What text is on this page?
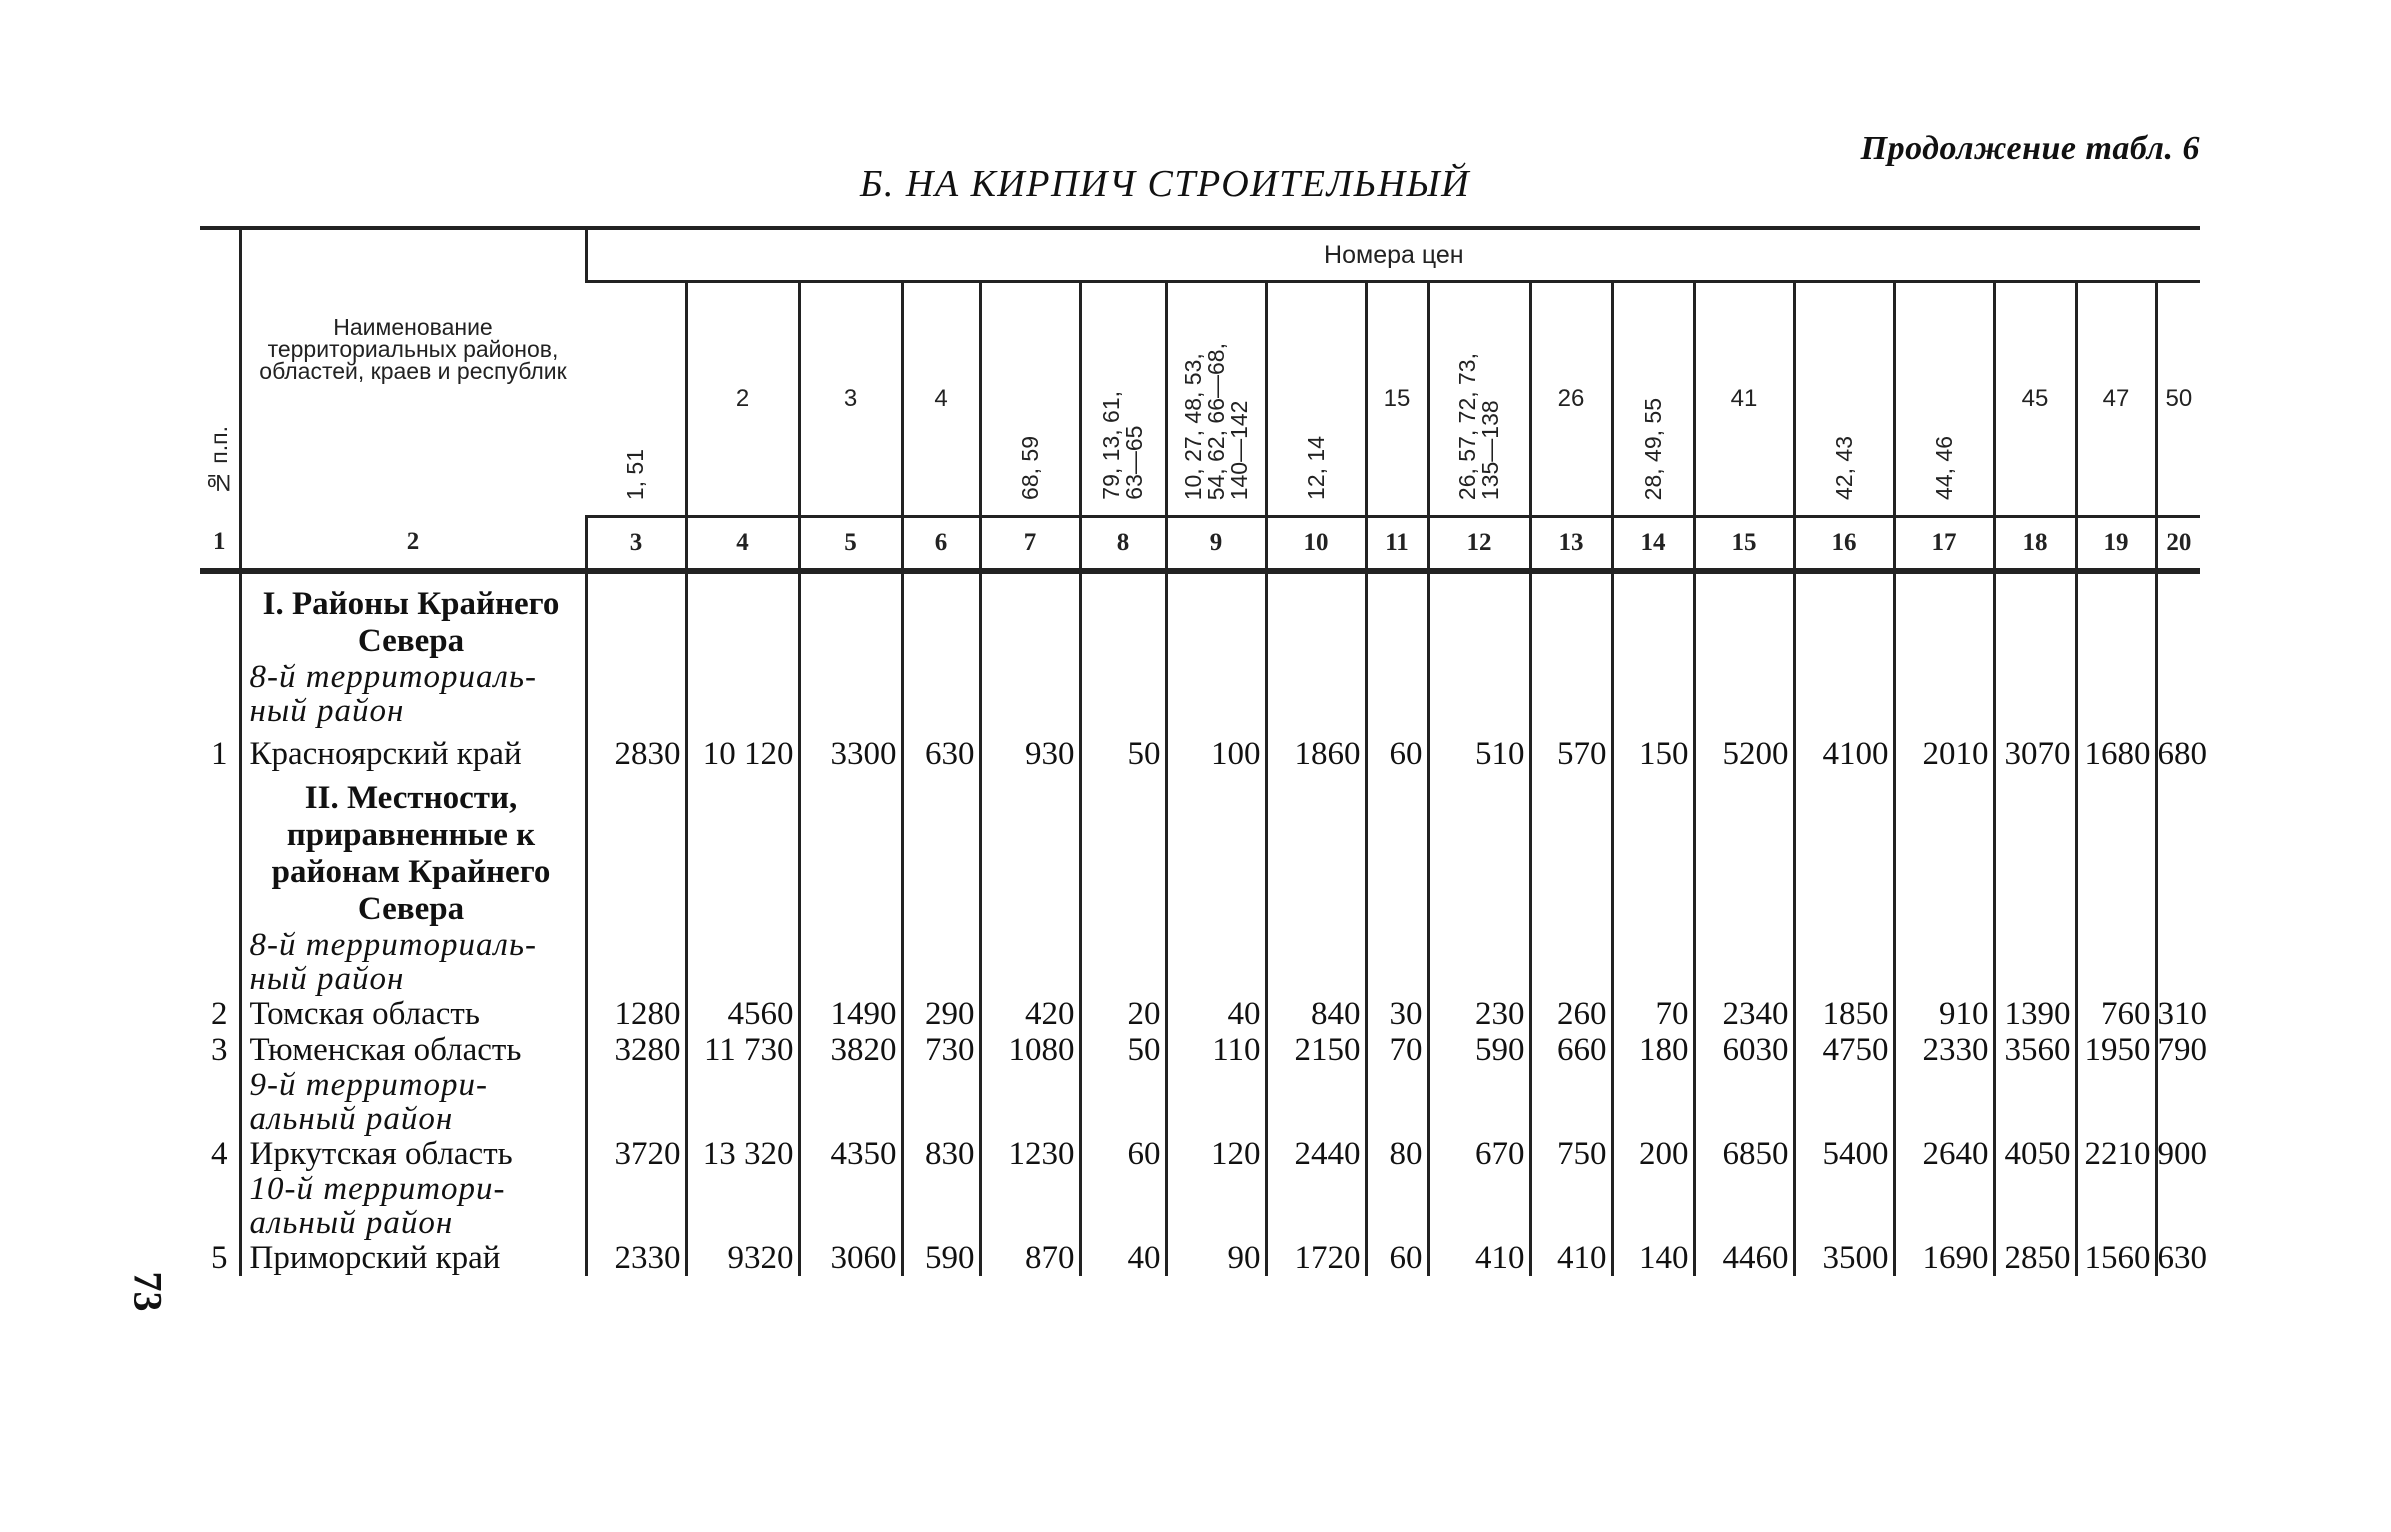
Продолжение табл. 6
Б. НА КИРПИЧ СТРОИТЕЛЬНЫЙ
73
№ п.п.	Наименование территориальных районов, областей, краев и республик	Номера цен																	
		1, 51	2	3	4	68, 59	79, 13, 61,
63—65	10, 27, 48, 53,
54, 62, 66—68,
140—142	12, 14	15	26, 57, 72, 73,
135—138	26	28, 49, 55	41	42, 43	44, 46	45	47	50
1	2	3	4	5	6	7	8	9	10	11	12	13	14	15	16	17	18	19	20

	I. Районы Крайнего Севера																		
	8-й территориаль-ный район																		
1	Красноярский край	2830	10 120	3300	630	930	50	100	1860	60	510	570	150	5200	4100	2010	3070	1680	680
	II. Местности, приравненные к районам Крайнего Севера																		
	8-й территориаль-ный район																		
2	Томская область	1280	4560	1490	290	420	20	40	840	30	230	260	70	2340	1850	910	1390	760	310
3	Тюменская область	3280	11 730	3820	730	1080	50	110	2150	70	590	660	180	6030	4750	2330	3560	1950	790
	9-й территори-альный район																		
4	Иркутская область	3720	13 320	4350	830	1230	60	120	2440	80	670	750	200	6850	5400	2640	4050	2210	900
	10-й территори-альный район																		
5	Приморский край	2330	9320	3060	590	870	40	90	1720	60	410	410	140	4460	3500	1690	2850	1560	630
